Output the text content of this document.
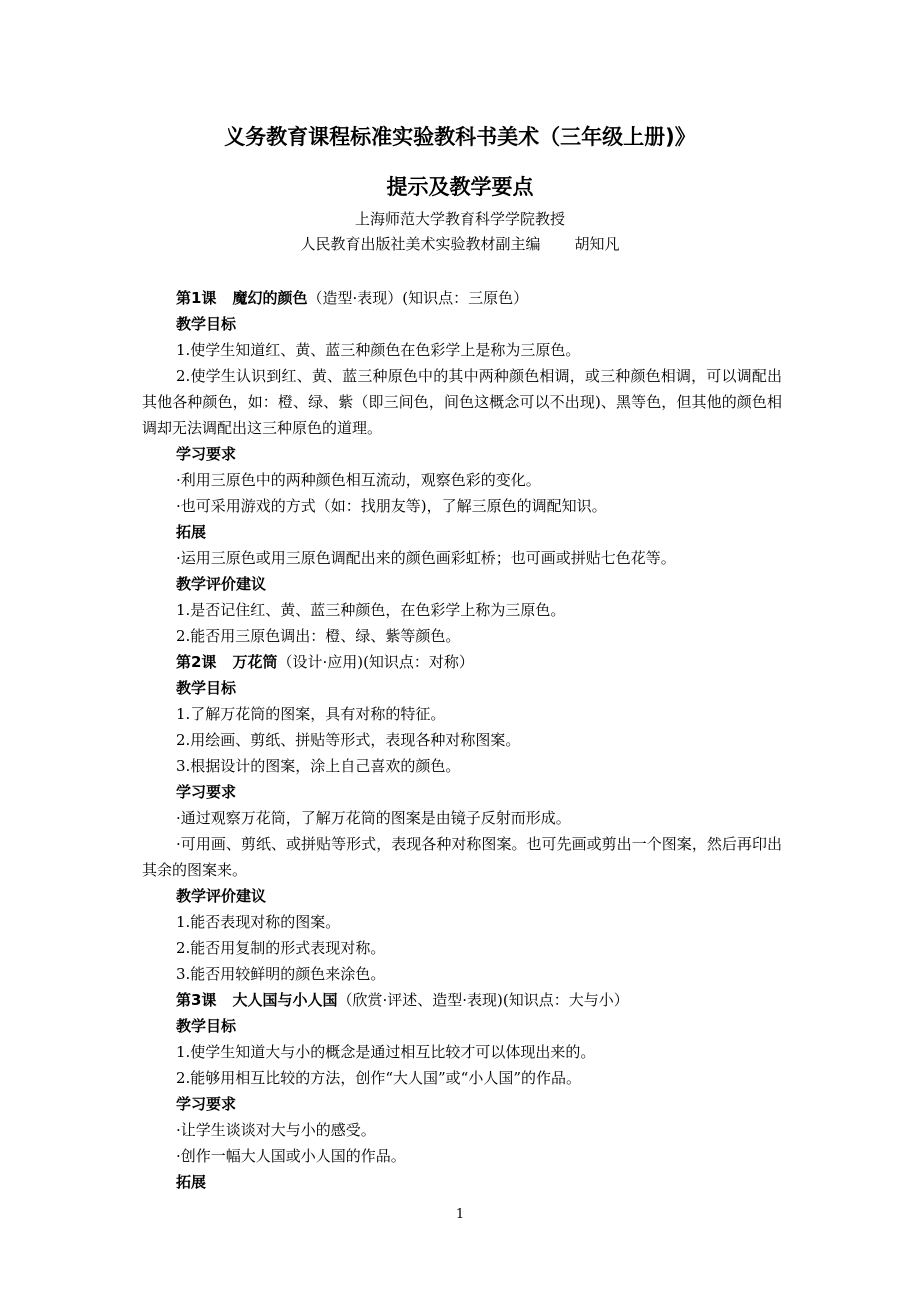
义务教育课程标准实验教科书美术（三年级上册)》
提示及教学要点
上海师范大学教育科学学院教授
人民教育出版社美术实验教材副主编 胡知凡
第1课 魔幻的颜色（造型·表现）(知识点：三原色）
教学目标
1.使学生知道红、黄、蓝三种颜色在色彩学上是称为三原色。
2.使学生认识到红、黄、蓝三种原色中的其中两种颜色相调，或三种颜色相调，可以调配出其他各种颜色，如：橙、绿、紫（即三间色，间色这概念可以不出现)、黑等色，但其他的颜色相调却无法调配出这三种原色的道理。
学习要求
·利用三原色中的两种颜色相互流动，观察色彩的变化。
·也可采用游戏的方式（如：找朋友等)，了解三原色的调配知识。
拓展
·运用三原色或用三原色调配出来的颜色画彩虹桥；也可画或拼贴七色花等。
教学评价建议
1.是否记住红、黄、蓝三种颜色，在色彩学上称为三原色。
2.能否用三原色调出：橙、绿、紫等颜色。
第2课 万花筒（设计·应用)(知识点：对称）
教学目标
1.了解万花筒的图案，具有对称的特征。
2.用绘画、剪纸、拼贴等形式，表现各种对称图案。
3.根据设计的图案，涂上自己喜欢的颜色。
学习要求
·通过观察万花筒，了解万花筒的图案是由镜子反射而形成。
·可用画、剪纸、或拼贴等形式，表现各种对称图案。也可先画或剪出一个图案，然后再印出其余的图案来。
教学评价建议
1.能否表现对称的图案。
2.能否用复制的形式表现对称。
3.能否用较鲜明的颜色来涂色。
第3课 大人国与小人国（欣赏·评述、造型·表现)(知识点：大与小）
教学目标
1.使学生知道大与小的概念是通过相互比较才可以体现出来的。
2.能够用相互比较的方法，创作“大人国”或“小人国”的作品。
学习要求
·让学生谈谈对大与小的感受。
·创作一幅大人国或小人国的作品。
拓展
1
